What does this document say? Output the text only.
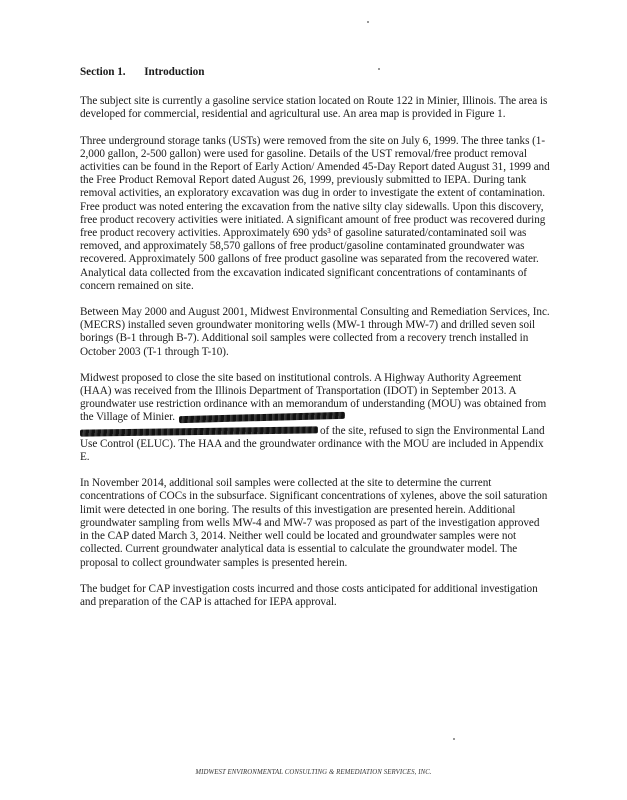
Section 1. Introduction

The subject site is currently a gasoline service station located on Route 122 in Minier, Illinois. The area is developed for commercial, residential and agricultural use. An area map is provided in Figure 1.

Three underground storage tanks (USTs) were removed from the site on July 6, 1999. The three tanks (1-2,000 gallon, 2-500 gallon) were used for gasoline. Details of the UST removal/free product removal activities can be found in the Report of Early Action/ Amended 45-Day Report dated August 31, 1999 and the Free Product Removal Report dated August 26, 1999, previously submitted to IEPA. During tank removal activities, an exploratory excavation was dug in order to investigate the extent of contamination. Free product was noted entering the excavation from the native silty clay sidewalls. Upon this discovery, free product recovery activities were initiated. A significant amount of free product was recovered during free product recovery activities. Approximately 690 yds³ of gasoline saturated/contaminated soil was removed, and approximately 58,570 gallons of free product/gasoline contaminated groundwater was recovered. Approximately 500 gallons of free product gasoline was separated from the recovered water. Analytical data collected from the excavation indicated significant concentrations of contaminants of concern remained on site.

Between May 2000 and August 2001, Midwest Environmental Consulting and Remediation Services, Inc. (MECRS) installed seven groundwater monitoring wells (MW-1 through MW-7) and drilled seven soil borings (B-1 through B-7). Additional soil samples were collected from a recovery trench installed in October 2003 (T-1 through T-10).

Midwest proposed to close the site based on institutional controls. A Highway Authority Agreement (HAA) was received from the Illinois Department of Transportation (IDOT) in September 2013. A groundwater use restriction ordinance with an memorandum of understanding (MOU) was obtained from the Village of Minier. of the site, refused to sign the Environmental Land Use Control (ELUC). The HAA and the groundwater ordinance with the MOU are included in Appendix E.

In November 2014, additional soil samples were collected at the site to determine the current concentrations of COCs in the subsurface. Significant concentrations of xylenes, above the soil saturation limit were detected in one boring. The results of this investigation are presented herein. Additional groundwater sampling from wells MW-4 and MW-7 was proposed as part of the investigation approved in the CAP dated March 3, 2014. Neither well could be located and groundwater samples were not collected. Current groundwater analytical data is essential to calculate the groundwater model. The proposal to collect groundwater samples is presented herein.

The budget for CAP investigation costs incurred and those costs anticipated for additional investigation and preparation of the CAP is attached for IEPA approval.

MIDWEST ENVIRONMENTAL CONSULTING & REMEDIATION SERVICES, INC.
